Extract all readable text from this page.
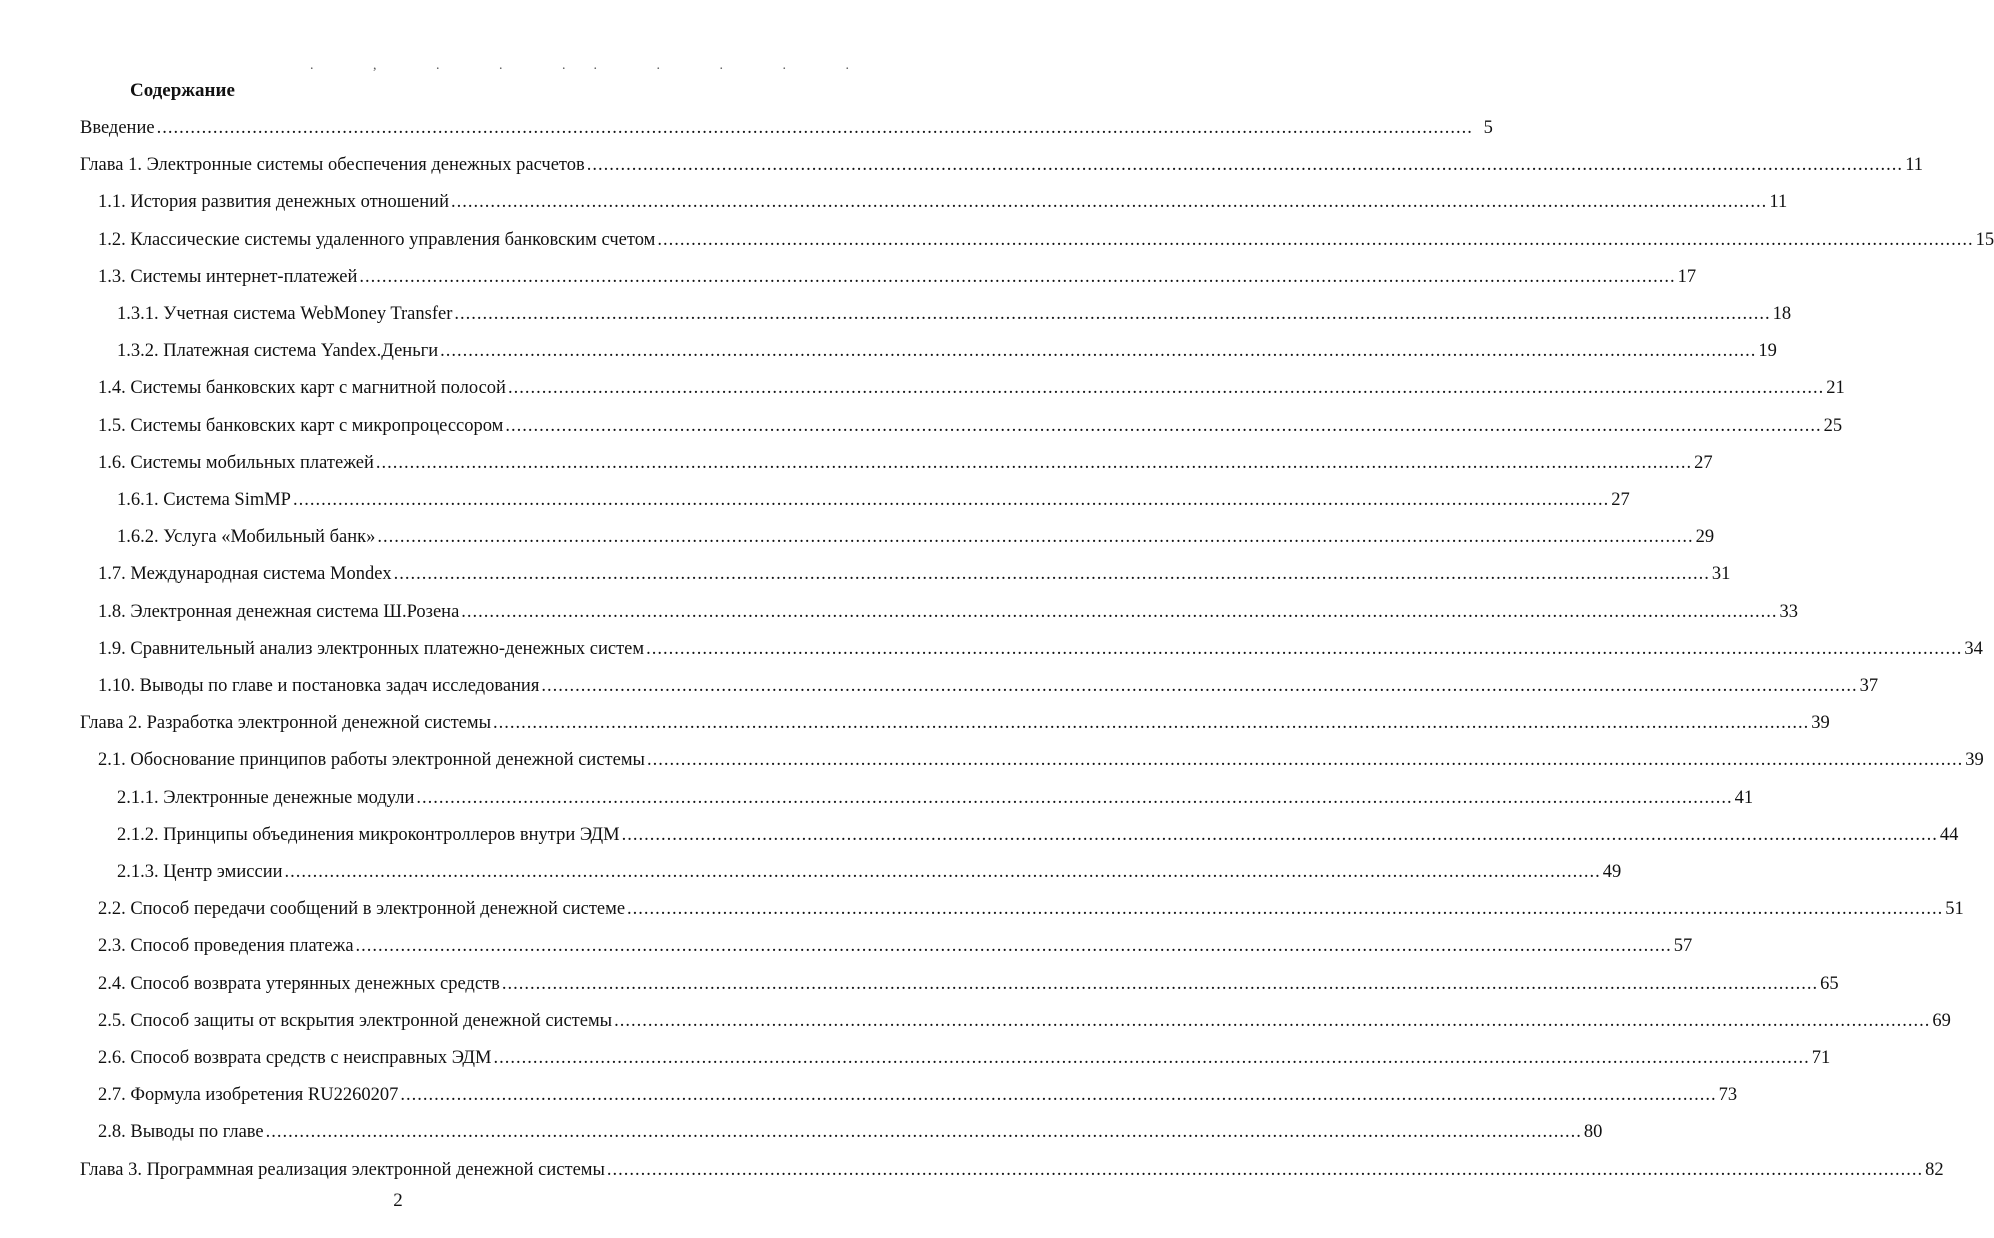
. , . . .. . . . .
Содержание
Введение .....	5
Глава 1. Электронные системы обеспечения денежных расчетов .....	11
1.1. История развития денежных отношений .....	11
1.2. Классические системы удаленного управления банковским счетом .....	15
1.3. Системы интернет-платежей .....	17
1.3.1. Учетная система WebMoney Transfer .....	18
1.3.2. Платежная система Yandex.Деньги .....	19
1.4. Системы банковских карт с магнитной полосой .....	21
1.5. Системы банковских карт с микропроцессором .....	25
1.6. Системы мобильных платежей .....	27
1.6.1. Система SimMP .....	27
1.6.2. Услуга «Мобильный банк» .....	29
1.7. Международная система Mondex .....	31
1.8. Электронная денежная система Ш.Розена .....	33
1.9. Сравнительный анализ электронных платежно-денежных систем .....	34
1.10. Выводы по главе и постановка задач исследования .....	37
Глава 2. Разработка электронной денежной системы .....	39
2.1. Обоснование принципов работы электронной денежной системы .....	39
2.1.1. Электронные денежные модули .....	41
2.1.2. Принципы объединения микроконтроллеров внутри ЭДМ .....	44
2.1.3. Центр эмиссии .....	49
2.2. Способ передачи сообщений в электронной денежной системе .....	51
2.3. Способ проведения платежа .....	57
2.4. Способ возврата утерянных денежных средств .....	65
2.5. Способ защиты от вскрытия электронной денежной системы .....	69
2.6. Способ возврата средств с неисправных ЭДМ .....	71
2.7. Формула изобретения RU2260207 .....	73
2.8. Выводы по главе .....	80
Глава 3. Программная реализация электронной денежной системы .....	82
2
